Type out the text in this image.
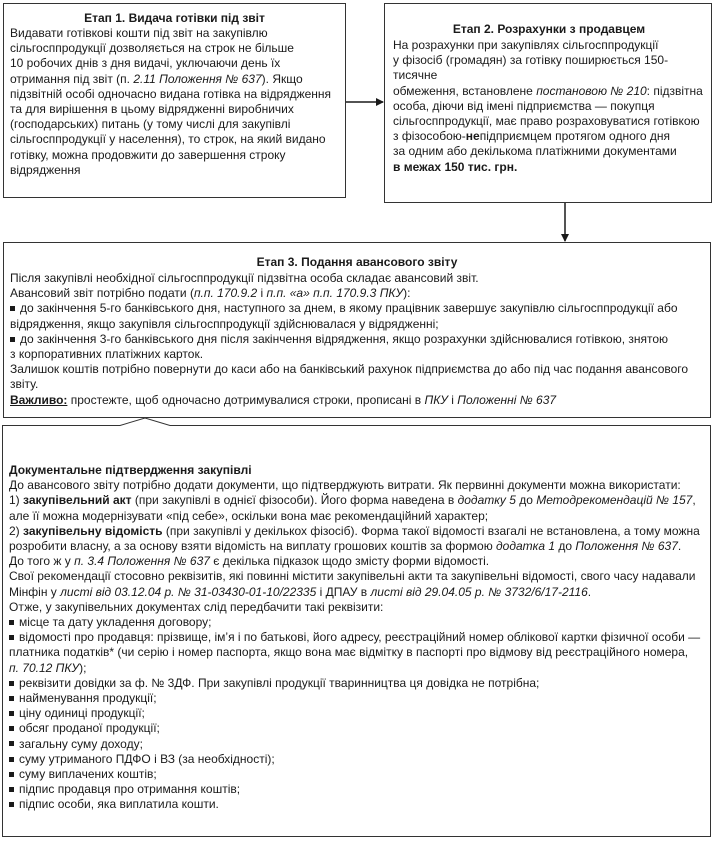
Етап 1. Видача готівки під звіт
Видавати готівкові кошти під звіт на закупівлю
сільгосппродукції дозволяється на строк не більше
10 робочих днів з дня видачі, уключаючи день їх
отримання під звіт (п. 2.11 Положення № 637). Якщо
підзвітній особі одночасно видана готівка на відрядження
та для вирішення в цьому відрядженні виробничих
(господарських) питань (у тому числі для закупівлі
сільгосппродукції у населення), то строк, на який видано
готівку, можна продовжити до завершення строку
відрядження
Етап 2. Розрахунки з продавцем
На розрахунки при закупівлях сільгосппродукції
у фізосіб (громадян) за готівку поширюється 150-тисячне
обмеження, встановлене постановою № 210: підзвітна
особа, діючи від імені підприємства — покупця
сільгосппродукції, має право розраховуватися готівкою
з фізособою-непідприємцем протягом одного дня
за одним або декількома платіжними документами
в межах 150 тис. грн.
Етап 3. Подання авансового звіту
Після закупівлі необхідної сільгосппродукції підзвітна особа складає авансовий звіт.
Авансовий звіт потрібно подати (п.п. 170.9.2 і п.п. «а» п.п. 170.9.3 ПКУ):
до закінчення 5-го банківського дня, наступного за днем, в якому працівник завершує закупівлю сільгосппродукції або
відрядження, якщо закупівля сільгосппродукції здійснювалася у відрядженні;
до закінчення 3-го банківського дня після закінчення відрядження, якщо розрахунки здійснювалися готівкою, знятою
з корпоративних платіжних карток.
Залишок коштів потрібно повернути до каси або на банківський рахунок підприємства до або під час подання авансового
звіту.
Важливо: простежте, щоб одночасно дотримувалися строки, прописані в ПКУ і Положенні № 637
Документальне підтвердження закупівлі
До авансового звіту потрібно додати документи, що підтверджують витрати. Як первинні документи можна використати:
1) закупівельний акт (при закупівлі в однієї фізособи). Його форма наведена в додатку 5 до Методрекомендацій № 157,
але її можна модернізувати «під себе», оскільки вона має рекомендаційний характер;
2) закупівельну відомість (при закупівлі у декількох фізосіб). Форма такої відомості взагалі не встановлена, а тому можна
розробити власну, а за основу взяти відомість на виплату грошових коштів за формою додатка 1 до Положення № 637.
До того ж у п. 3.4 Положення № 637 є декілька підказок щодо змісту форми відомості.
Свої рекомендації стосовно реквізитів, які повинні містити закупівельні акти та закупівельні відомості, свого часу надавали
Мінфін у листі від 03.12.04 р. № 31-03430-01-10/22335 і ДПАУ в листі від 29.04.05 р. № 3732/6/17-2116.
Отже, у закупівельних документах слід передбачити такі реквізити:
місце та дату укладення договору;
відомості про продавця: прізвище, ім’я і по батькові, його адресу, реєстраційний номер облікової картки фізичної особи —
платника податків* (чи серію і номер паспорта, якщо вона має відмітку в паспорті про відмову від реєстраційного номера,
п. 70.12 ПКУ);
реквізити довідки за ф. № 3ДФ. При закупівлі продукції тваринництва ця довідка не потрібна;
найменування продукції;
ціну одиниці продукції;
обсяг проданої продукції;
загальну суму доходу;
суму утриманого ПДФО і ВЗ (за необхідності);
суму виплачених коштів;
підпис продавця про отримання коштів;
підпис особи, яка виплатила кошти.
